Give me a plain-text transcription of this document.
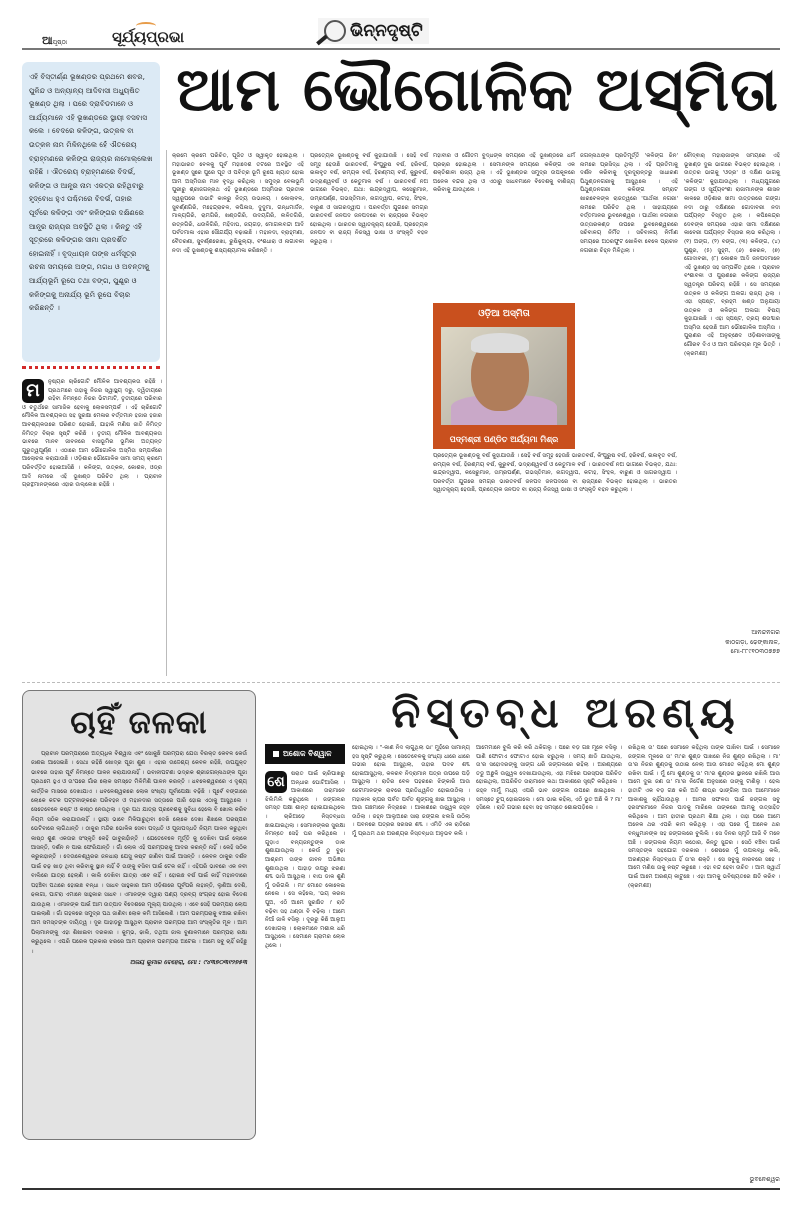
ଆପୃଷ୍ଠା	ସୂର୍ଯ୍ୟପ୍ରଭା	ଭିନ୍ନଦୃଷ୍ଟି

ଏହି ବିସ୍ତୀର୍ଣ୍ଣ ଭୂଖଣ୍ଡର ପ୍ରଥମେ ଶବର, ପୁଳିନ୍ଦ ଓ ଅନ୍ୟାନ୍ୟ ଆଦିବାସୀ ଅଧ୍ୟୁଷିତ ଭୂଖଣ୍ଡ ଥିଲା । ପରେ ଦ୍ରାବିଡମାନେ ଓ ଆର୍ଯ୍ୟମାନେ ଏହି ଭୂଖଣ୍ଡରେ ସ୍ଥାୟୀ ବସବାସ କଲେ । ବେଦରେ କଳିଙ୍ଗ, ଉତ୍କଳ ବା ଉତ୍କଳ ନାମ ମିଳିନଥିଲେ ହେଁ ଐତରେୟ ବ୍ରାହ୍ମଣରେ କଳିଙ୍ଗ ରାଜ୍ୟର ନାମୋଲ୍ଲେଖ ରହିଛି । ଐତରେୟ ବ୍ରାହ୍ମଣରେ ବିଦର୍ଭ, କଳିଙ୍ଗ ଓ ଆନ୍ଧ୍ର ନାମ ଏକତ୍ର ରହିଥିବାରୁ ହୃଦ୍‌ବୋଧ ହୁଏ ପଶ୍ଚିମରେ ବିଦର୍ଭ, ତାହାର ପୂର୍ବରେ କଳିଙ୍ଗ ଏବଂ କଳିଙ୍ଗର ଦକ୍ଷିଣରେ ଆନ୍ଧ୍ର ରାଜ୍ୟର ଅବସ୍ଥିତି ଥିଲା । କିନ୍ତୁ ଏହି ସୂତ୍ରରେ କଳିଙ୍ଗର ସୀମା ପ୍ରଦର୍ଶିତ ହୋଇନାହିଁ । ବୃଦ୍ଧାୟନ ତାଙ୍କ ଧର୍ମସୂତ୍ର ରଚନା ସମୟରେ ଅଙ୍ଗ, ମଗଧ ଓ ଅବନ୍ତୀକୁ ଆର୍ଯ୍ୟଭୂମି ରୂପେ ତଥା ବଙ୍ଗ, ପୁଣ୍ଡ୍ର ଓ କଳିଙ୍ଗକୁ ଅନାର୍ଯ୍ୟ ଭୂମି ରୂପେ ବିଚାର କରିଛନ୍ତି ।

ଆମ ଭୌଗୋଳିକ ଅସ୍ମିତା
ମ	ନୁଷ୍ୟର ଚାରିଗୋଟି ମୌଳିକ ଆବଶ୍ୟକତା ରହିଛି । ପ୍ରଥମରେ ତାହାକୁ ନିଜର ସ୍ୱାସ୍ଥ୍ୟ ଦରୁ, ଦ୍ୱିତୀୟରେ ରହିବା ନିମନ୍ତେ ନିଜର ଭିଟାମାଟି, ତୃତୀୟରେ ପରିବାର ଓ ଚତୁର୍ଥରେ ସାମାଜିକ ହେବାକୁ ଲୋକସମ୍ପର୍କ । ଏହି ଚାରିଗୋଟି ମୌଳିକ ଆବଶ୍ୟକତା ସହ ସୁରକ୍ଷା ମେଳାର ବର୍ତ୍ତମାନ ହଜାର ହଜାର ଆବଶ୍ୟକତାରେ ପରିଣତ ହୋଇଛି, ଯାହାକି ମଣିଷ ଜାତି ନିମିତ୍ତ ନିମିତ୍ତ ବିଚାର ସୃଷ୍ଟି କରିଛି । ତୃତୀୟ ମୌଳିକ ଆବଶ୍ୟକତା ଭାବରେ ମାନବ ଜୀବନରେ ବାସଭୂମିର ଭୂମିକା ଅତ୍ୟନ୍ତ ଗୁରୁତ୍ୱପୂର୍ଣ୍ଣ । ଏଠାରେ ଆମ ଭୌଗୋଳିକ ଅସ୍ମିତା ସମ୍ପର୍କରେ ଆଲୋଚନା କରାଯାଉଛି । ଓଡ଼ିଶାର ଭୌଗୋଳିକ ସୀମା ସମୟ କ୍ରମେ ପରିବର୍ତ୍ତିତ ହୋଇଆସିଛି । କଳିଙ୍ଗ, ଉତ୍କଳ, କୋଶଳ, ଓଡ୍ର ଆଦି ନାମରେ ଏହି ଭୂଖଣ୍ଡ ପରିଚିତ ଥିଲା । ପ୍ରାଚୀନ ଗ୍ରନ୍ଥମାନଙ୍କରେ ଏହାର ଉଲ୍ଲେଖ ରହିଛି ।
କ୍ରମେ କ୍ରମେ ପରିଚିତ, ପୂଜିତ ଓ ସ୍ୱୀକୃତ ହୋଇଥିଲା । ମହାଭାରତ ବେଳକୁ ପୂର୍ବ ମହାଦେଶ ତଟରେ ଅବସ୍ଥିତ ଏହି ଭୂଖଣ୍ଡ ସୁରେ ପୁରେ ପୂତ ଓ ପବିତ୍ର ଭୂମି ରୂପେ ଖ୍ୟାତ ହୋଇ ଆମ ଅସ୍ମିତାର ମାନ ବୃଦ୍ଧି କରିଥିଲା । ସମୁଦ୍ର ବେଳାଭୂମି ପୁରୀରୁ ଶ୍ରୀଜଗନ୍ନାଥ ଏହି ଭୂଖଣ୍ଡରେ ଅସ୍ମିତାର ପ୍ରତୀକ ସ୍ୱରୂପରେ ଉଭାଟି କାଳରୁ ନିତ୍ୟ ଉଭାଳୟ । କୋଲାବଳ, ସୁବର୍ଣ୍ଣଗିରି, ମହେନ୍ଦ୍ରାଚଳ, କପିଳାସ, ଦୁଦୁମା, ଗନ୍ଧମାର୍ଦ୍ଦନ, ମାଳ୍ୟଗିରି, ରାମଗିରି, ଖଣ୍ଡଗିରି, ଉଦୟଗିରି, ଲଳିତଗିରି, ରତ୍ନଗିରି, ଧଉଳିଗିରି, ମହିଦାଘ, ଜୟଗଡ଼, ମୋଗଲବନ୍ଦୀ ଆଦି ପର୍ବତମାଳା ଏହାର ସୌନ୍ଦର୍ଯ୍ୟ ବଢ଼ାଇଛି । ମହାନଦୀ, ବ୍ରାହ୍ମଣୀ, ବୈତରଣୀ, ସୁବର୍ଣ୍ଣରେଖା, ରୁଷିକୁଲ୍ୟା, ବଂଶଧାରା ଓ ନାଗାବଳୀ ନଦୀ ଏହି ଭୂଖଣ୍ଡକୁ ଶସ୍ୟଶ୍ୟାମଳା କରିଛନ୍ତି ।
ପ୍ରତ୍ୟେକ ଭୂଖଣ୍ଡକୁ ବର୍ଷ କୁହାଯାଉଛି । ସେହି ବର୍ଷ ସମୂହ ହେଉଛି ଭାରତବର୍ଷ, କିଂପୁରୁଷ ବର୍ଷ, ହରିବର୍ଷ, ଇଳାବୃତ ବର୍ଷ, ରମ୍ୟକ ବର୍ଷ, ହିରଣ୍ମୟ ବର୍ଷ, କୁରୁବର୍ଷ, ଭଦ୍ରାଶ୍ୱବର୍ଷ ଓ କେତୁମାଳ ବର୍ଷ । ଭାରତବର୍ଷ ନଅ ଭାଗରେ ବିଭକ୍ତ, ଯଥା: ଇନ୍ଦ୍ରଦ୍ୱୀପ, କସେରୁମାନ, ତାମ୍ରପର୍ଣ୍ଣ, ଗଭସ୍ତିମାନ, ନାଗଦ୍ୱୀପ, କଟାହ, ସିଂହଳ, ବାରୁଣ ଓ ସାଗରଦ୍ୱୀପ । ପରବର୍ତ୍ତୀ ଯୁଗରେ ସମଗ୍ର ଭାରତବର୍ଷ ଜନପଦ ଜନପଦରେ ବା ରାଜ୍ୟରେ ବିଭକ୍ତ ହୋଇଥିଲା । ଭାରତର ସ୍ୱାତନ୍ତ୍ର୍ୟ ହେଉଛି, ପ୍ରତ୍ୟେକ ଜନପଦ ବା ରାଜ୍ୟ ନିଜସ୍ୱ ଭାଷା ଓ ସଂସ୍କୃତି ବହନ କରୁଥିଲା ।
ମହାବୀର ଓ ଗୌତମ ବୁଦ୍ଧଙ୍କ ସମୟରେ ଏହି ଭୂଖଣ୍ଡରେ ଧର୍ମ ପ୍ରଚାର ହୋଇଥିଲା । ସେମାନଙ୍କ ସମୟରେ କଳିଙ୍ଗ ଏକ ଶକ୍ତିଶାଳୀ ରାଜ୍ୟ ଥିଲା । ଏହି ଭୂଖଣ୍ଡର ସମୁଦ୍ର ଉପକୂଳରେ ଅନେକ ବନ୍ଦର ଥିଲା ଓ ଏଠାରୁ ସାଧବମାନେ ବିଦେଶକୁ ବାଣିଜ୍ୟ କରିବାକୁ ଯାଉଥିଲେ ।
ଜଗନ୍ନାଥଙ୍କ ପ୍ରତିମୂର୍ତ୍ତି 'କଳିଙ୍ଗ ଜିନ' ନାମରେ ପ୍ରସିଦ୍ଧ ଥିଲା । ଏହି ପ୍ରତିମାକୁ ଦର୍ଶନ କରିବାକୁ ଦୂରଦୂରାନ୍ତରୁ ସାଧାରଣ ପିଥୁଣ୍ଡନଗରୀକୁ ଆସୁଥିଲେ । ଏହି ପିଥୁଣ୍ଡନଗରୀ କଳିଙ୍ଗ ସମ୍ରାଟ ଖାରବେଳଙ୍କ ରାଜତ୍ୱରେ 'ପାର୍ଥଲୀ ନଗରୀ' ନାମରେ ପରିଚିତ ଥିଲା । ସାହାଯ୍ୟରେ ବର୍ତ୍ତମାନର ଭୁବନେଶ୍ୱର । ପାର୍ଥଲୀ ନଗରୀର ଉତ୍ତାରକଣ୍ଡ ଉପରେ ଭୁବନେଶ୍ୱରରେ ସଚିବାଳୟ ନିର୍ମିତ । ସଚିବାଳୟ ନିର୍ମାଣ ସମୟରେ ଅଠରଫୁଟ ଖୋଳିବା ବେଳେ ପ୍ରାଚୀନ ନଗରୀର ଚିହ୍ନ ମିଳିଥିଲା ।
ପ୍ରତ୍ୟେକ ଭୂଖଣ୍ଡକୁ ବର୍ଷ କୁହାଯାଉଛି । ସେହି ବର୍ଷ ସମୂହ ହେଉଛି ଭାରତବର୍ଷ, କିଂପୁରୁଷ ବର୍ଷ, ହରିବର୍ଷ, ଇଳାବୃତ ବର୍ଷ, ରମ୍ୟକ ବର୍ଷ, ହିରଣ୍ମୟ ବର୍ଷ, କୁରୁବର୍ଷ, ଭଦ୍ରାଶ୍ୱବର୍ଷ ଓ କେତୁମାଳ ବର୍ଷ । ଭାରତବର୍ଷ ନଅ ଭାଗରେ ବିଭକ୍ତ, ଯଥା: ଇନ୍ଦ୍ରଦ୍ୱୀପ, କସେରୁମାନ, ତାମ୍ରପର୍ଣ୍ଣ, ଗଭସ୍ତିମାନ, ନାଗଦ୍ୱୀପ, କଟାହ, ସିଂହଳ, ବାରୁଣ ଓ ସାଗରଦ୍ୱୀପ । ପରବର୍ତ୍ତୀ ଯୁଗରେ ସମଗ୍ର ଭାରତବର୍ଷ ଜନପଦ ଜନପଦରେ ବା ରାଜ୍ୟରେ ବିଭକ୍ତ ହୋଇଥିଲା । ଭାରତର ସ୍ୱାତନ୍ତ୍ର୍ୟ ହେଉଛି, ପ୍ରତ୍ୟେକ ଜନପଦ ବା ରାଜ୍ୟ ନିଜସ୍ୱ ଭାଷା ଓ ସଂସ୍କୃତି ବହନ କରୁଥିଲା ।
ଚୌଦ୍ଵାର୍ ମହାରାଜାଙ୍କ ସମୟରେ ଏହି ଭୂଖଣ୍ଡ ଦୁଇ ଭାଗରେ ବିଭକ୍ତ ହୋଇଥିଲା । ଉତ୍ତର ଭାଗକୁ 'ଓଡ୍ର' ଓ ଦକ୍ଷିଣ ଭାଗକୁ 'କଳିଙ୍ଗ' କୁହାଯାଉଥିଲା । ମଧ୍ୟଯୁଗରେ ଗଙ୍ଗ ଓ ସୂର୍ଯ୍ୟବଂଶୀ ରାଜାମାନଙ୍କ ଶାସନ କାଳରେ ଓଡ଼ିଶାର ସୀମା ଉତ୍ତରରେ ଗଙ୍ଗା ନଦୀ ଠାରୁ ଦକ୍ଷିଣରେ ଗୋଦାବରୀ ନଦୀ ପର୍ଯ୍ୟନ୍ତ ବିସ୍ତୃତ ଥିଲା । କପିଳେନ୍ଦ୍ର ଦେବଙ୍କ ସମୟରେ ଏହାର ସୀମା ଦକ୍ଷିଣରେ କାବେରୀ ପର୍ଯ୍ୟନ୍ତ ବିସ୍ତାର ଲାଭ କରିଥିଲା । (୧) ଅଙ୍ଗ, (୨) ବଙ୍ଗ, (୩) କଳିଙ୍ଗ, (୪) ପୁଣ୍ଡ୍ର, (୫) ସୁହ୍ମ, (୬) କେରଳ, (୭) ଗୋଦାବରୀ, (୮) କୋଶଳ ଆଦି ଜନପଦମାନେ ଏହି ଭୂଖଣ୍ଡ ସହ ସମ୍ପର୍କିତ ଥିଲେ । ପ୍ରାଚୀନ ବଂଶାବଳୀ ଓ ପୁରାଣରେ କଳିଙ୍ଗ ରାଜ୍ୟର ସ୍ୱତନ୍ତ୍ର ପରିଚୟ ରହିଛି । ସେ ସମୟରେ ଉତ୍କଳ ଓ କଳିଙ୍ଗ ଅଲଗା ରାଜ୍ୟ ଥିଲା । ଏହା ସ୍ପଷ୍ଟ, ବ୍ରହ୍ମ ଖଣ୍ଡ ଅନୁଯାୟୀ ଉତ୍କଳ ଓ କଳିଙ୍ଗ ଅଲଗା ବିଷୟ କୁହାଯାଇଛି । ଏହା ସ୍ପଷ୍ଟ, ତ୍ରୟ ଶତାବ୍ଦୀର ଅସ୍ମିତା ହେଉଛି ଆମ ଭୌଗୋଳିକ ଅସ୍ମିତା । ପୁରାଣର ଏହି ଅନୁଚ୍ଛେଦ ଓଡ଼ିଶାବାସୀଙ୍କୁ ଗୌରବ ଦିଏ ଓ ଆମ ପରିଚୟର ମୂଳ ଭିତ୍ତି । (କ୍ରମଶଃ)
ଓଡ଼ିଆ ଅସ୍ମିତା
ପଦ୍ମଶ୍ରୀ ପଣ୍ଡିତ ଅର୍ଯ୍ୟମା ମିଶ୍ର
ଆନନ୍ଦନଗର
କାଠଗଡ଼ା, ଢେଙ୍କାନାଳ,
ମୋ-୮୮୯୧୦୩୦୭୭୭
ଚାହିଁ ଜଳକା

ପ୍ରାଚୀନ ପରମ୍ପରାରେ ଅତ୍ୟଧିକ ବିଶ୍ୱାସ ଏବଂ ସୋକୁଛି ପରମ୍ପରା ଯେତା ବିରକ୍ତ କେବଳ କେଉଁ ଜାଣଇ ଆସେଇଛି । ସେଥା ରହିଛି ଖୋଦ୍ର ପୂଜା ଶୁଣ । ଏହାର ଉଦ୍ଦେଶ୍ୟ କେବଳ ରହିଛି, ଉପଯୁକ୍ତ ଭାବରେ ତାହାର ପୂର୍ବ ନିମନ୍ତେ ପାଳନ କରାଯାଉନାହିଁ । ଭବାନୀପଟଣା ଭଦ୍ରକ ଶ୍ରୀଜଗନ୍ନାଥଙ୍କ ପୂଜା ପ୍ରଥମେ ହୁଏ ଓ ତା'ପରେ ଗାଁର ଲୋକ ସମସ୍ତେ ମିଳିମିଶି ପାଳନ କରନ୍ତି । ଧବଳେଶ୍ୱରରେ ଏ ଦୃଶ୍ୟ କାର୍ତ୍ତିକ ମାସରେ ଦେଖାଯାଏ । ଧବଳେଶ୍ୱରରେ ଲୋକ ସଂଖ୍ୟା ପୂର୍ବାପେକ୍ଷା ବଢ଼ିଛି । ପୂର୍ବେ ବଙ୍ଗାରେ ଲୋକେ କଟକ ପଟ୍ଟନୀଙ୍କରେ ପରିବହନ ଓ ମହାନଦୀର ସତ୍ତାରେ ପାରି ହୋଇ ଏଠାକୁ ଆସୁଥିଲେ । ସେତେବେଳେ କଷ୍ଟ ଓ କାଷ୍ଠ ନେଉଥିଲା । ଦୂର ପଥ ଯାତ୍ରା ପ୍ରବେଶକୁ ସୁବିଧା ହେଲେ ବି ଖୋଲ କରିବ ନିୟମ ସଠିକ କରାଯାଉନାହିଁ । ସ୍ଥାୟୀ ଭାବେ ମିଳିପାରୁଥିବା ଦେଖି ଲୋକେ ଦେଖା ଶିଖଲେ ପରଷ୍ପର ଭେଟିବାରେ ଲାଗିଥାନ୍ତି । ଠାକୁର ମନ୍ଦିର ଭୋଳିକ ସେବା ପଦ୍ଧତି ଓ ପୂଜାପଦ୍ଧତି ନିୟମ ପାଳନ କରୁଥିବା କାଷ୍ଠ ଶୁଣ ଏକତାର ସଂସ୍କୃତି କେହି ଭାବୁନାହାଁନ୍ତି । ଯେତେବେଳେ ମୂର୍ତ୍ତି କୁ ଦେଖିବା ପାଇଁ ଲୋକେ ଆସନ୍ତି, ଦର୍ଶନ ନ ପାଇ ଫେରିଯାନ୍ତି । ଗାଁ ଲୋକ ଏହି ପରମ୍ପରାକୁ ଆଦର କରନ୍ତି ନାହିଁ । କେହି ସଠିକ କରୁନାହାନ୍ତି । ଦେଉଳେଶ୍ୱରର ଜଳଧାରା ଯେସୁ କଷ୍ଟ ଜାଣିବା ପାଇଁ ଆସନ୍ତି । କେବଳ ଠାକୁର ଦର୍ଶନ ପାଇଁ ଚଢ଼ ଖାଡ଼ ଥିବା କରିବାକୁ ସ୍ଥାନ ନାହିଁ ବି ତାଙ୍କୁ ବସିବା ପାଇଁ ଟେକ ନାହିଁ । ଏହିପରି ଭାବରେ ଏକ ନବୀ ବାଲିରେ ଯାତ୍ରା ହେଲାଣି । କାଲି ଦେଖିବା ଯାତ୍ରା ଏବେ ନାହିଁ । ହୋଇଛ ବର୍ଷ ପାଇଁ କାହିଁ ମହାନଦୀରେ ପହଞ୍ଚିବା ପଥରେ ହୋଇଛ ବନ୍ଧା । ସାଧବ ସାହୁକାର ଆମ ଓଡ଼ିଶାରେ ପୂର୍ବପରି ନାହାନ୍ତି, ଲୁଣିଆ ଦେଶି, ଢଳାଗୀ, ପାଟରା ଏମାନେ ସାହୁକାର ସାଧବ । ଏମାନଙ୍କ ଦ୍ୱାରା ପଣ୍ୟ ଦ୍ରବ୍ୟ ସଂଗ୍ରହ ହୋଇ ବିଦେଶ ଯାଉଥିଲା । ଏମାନଙ୍କ ପାଇଁ ଆମ ଉତ୍ପାଦ ବିଦେଶରେ ମୂଲ୍ୟ ପାଉଥିଲା । ଏବେ ସେହି ପରମ୍ପରା ଲୋପ ପାଇଲାଣି । ଗାଁ ଗହଳରେ ସମୁଦ୍ର ପଥ ଜାଣିବା ଲୋକ କମି ଆସିଲେଣି । ଆମ ପରମ୍ପରାକୁ ବଞ୍ଚାଇ ରଖିବା ଆମ ସମସ୍ତଙ୍କ ଦାୟିତ୍ୱ । ଦୂର ପାହାଡ଼ରୁ ଆସୁଥିବା ପ୍ରାଚୀନ ପରମ୍ପରା ଆମ ସଂସ୍କୃତିର ମୂଳ । ଆମ ପିଲାମାନଙ୍କୁ ଏହା ଶିଖାଇବା ଦରକାର । କୁମ୍ଭ, ଢାଲି, ତଥିଆ ଜାଲ ବୁଣାଳମାନେ ପରମ୍ପରା ରକ୍ଷା କରୁଥିଲେ । ଏପରି ପରେକ ପ୍ରକାର ଝରରେ ଆମ ପ୍ରାଚୀନ ପରମ୍ପରା ଅଟେଇ । ଆମେ ସବୁ ଚାହିଁ ରହିଛୁ ।

ଅଜୟ କୁମାର ବେହେରା, ମୋ : ୯୪୩୭୦୩୧୨୭୫୩
ନିସ୍ତବ୍ଧ ଅରଣ୍ୟ
ଅଶୋକ ବିଶ୍ୱାଳ
ଶେ	ଷରାତ ପାଇଁ ଚାରିପାଖରୁ ଅନ୍ଧାର ଘୋଟିଆସିଲା । ଆକାଶରେ ତାରାମାନେ ଝିଲିମିଲି କରୁଥିଲେ । ଜଙ୍ଗଲର ସମସ୍ତ ପକ୍ଷୀ ଶାନ୍ତ ହୋଇଯାଇଥିଲେ । ଚାରିଆଡ଼େ ନିସ୍ତବ୍ଧତା ଛାଇଯାଇଥିଲା । ସେମାନଙ୍କର ସୁରକ୍ଷା ନିମନ୍ତେ ସେହି ଘର କରିଥିଲେ । ଗୁଡ଼ାଏ ବନ୍ୟଜନ୍ତୁଙ୍କ ଡାକ ଶୁଣାଯାଉଥିଲା । କେଉଁ ଠୁ ବୁଢ଼ା ଆଶ୍ରମ ତାଙ୍କ ଜୀବନ ଅଭିଜ୍ଞତା ଶୁଣାଉଥିଲା । ପାହାଡ଼ ଉପରୁ ଝରଣା ଶବ୍ଦ ଭାସି ଆସୁଥିଲା । ବାଘ ଡାକ ଶୁଣି ମୁଁ ଡରିଗଲି । ମା' ମୋତେ କୋଳେଇ ନେଲେ । ସେ କହିଲେ, 'ଭୟ କରନା ପୁଅ, ଏଠି ଆମେ ସୁରକ୍ଷିତ ।' ରାତି ବଢ଼ିବା ସହ ଥଣ୍ଡା ବି ବଢ଼ିଲା । ଆମେ ନିଆଁ ଜାଳି ବସିଲୁ । ଦୂରରୁ କିଛି ଆଲୁଅ ଦେଖାଗଲା । ଲୋକମାନେ ମଶାଲ ଧରି ଆସୁଥିଲେ । ସେମାନେ ଗ୍ରାମର ଲୋକ ଥିଲେ ।
ହୋଇଥିଲା । "-କାଣ ନିଦ ଲାଗୁଥିଲା ଭା' ମୁହଁରେ ସାମାନ୍ୟ ହସ ସୃଷ୍ଟି କରୁଥିଲା । ସେତେବେଳକୁ ସଂଧ୍ୟା ଧୀରେ ଧୀରେ ଗଭୀର ହୋଇ ଆସୁଥିଲା, ତାହାର ପଦଚ ଶବ୍ଦ ହୋଇଆସୁଥିଲା, କଳରବ ନିଦ୍ରାମାନ ପତ୍ର ଉପରେ ପଡ଼ି ଆସୁଥିଲା । ରାତିର ବେଳ ପହରରେ ଝିଙ୍କାରି ଆଉ ଜେଟୀମାନଙ୍କ ରାବରେ ପ୍ରତିଧ୍ୱନିତ ହୋଇଉଠିଲା । ମହାକାଳ ଚାପର ପର୍ବତ ପର୍ବତ ଶୃଙ୍ଗକୁ ଛାଇ ଆସୁଥିଲା । ଆଉ ଗଛମାନେ ନିଦ୍ରାରେ । ଆକାଶରେ ଉଜ୍ଜ୍ୱଳ ଜହ୍ନ ଉଠିଲା । ଜହ୍ନ ଆଲୁଅରେ ସାରା ଜଙ୍ଗଲ ଝଲସି ଉଠିଲା । ପବନରେ ପତ୍ରର ସରସର ଶବ୍ଦ । ଏମିତି ଏକ ରାତିରେ ମୁଁ ପ୍ରଥମ ଥର ଅରଣ୍ୟର ନିସ୍ତବ୍ଧତା ଅନୁଭବ କଲି ।
ଆମେମାନେ ବୁଲି କରି କରି ଥକିଗଲୁ । ପରେ ବଡ଼ ଗଛ ମୂଳେ ବସିଲୁ । ପାଣି ଫୋଟାଏ ଫୋଟାଏ ହୋଇ ଝରୁଥିଲା । ସମୟ ଛାଡି ଯାଉଥିଲା, ତା'ର ସହୋଦରଙ୍କୁ ସାଙ୍ଗ ଧରି ଜଙ୍ଗଲରେ ରହିଲା । ଅରଣ୍ୟରେ ତଡୁ ଅଛୁଳି ଉଜ୍ଜ୍ୱଳ ଦେଖାଯାଉଥିଲା, ଏହା ମଝିରେ ପରସ୍ପର ପରିଚିତ ହୋଇଥିଲା, ଅପରିଚିତ ତାରାମାନେ କଥା ଆକାଶରେ ସୃଷ୍ଟି କରିଥିଲେ । ଜହ୍ନ ମାମୁଁ ମଧ୍ୟ ଏପରି ଭାବ ଜଙ୍ଗଲ ଉପରେ ଛାଇଥିଲେ । ସମସ୍ତେ ଚୁପ୍ ହୋଇଗଲେ । ମୋ ଭାଇ କହିଲା, ଏଠି ଭୂତ ଅଛି କି ? ମା' ହସିଲେ । ରାତି ଗଭୀର ହେବା ସହ ସମସ୍ତେ ଶୋଇପଡ଼ିଲେ ।
ରଖିଥିଲା ତା' ପରେ ସେମାନେ କହିଥିଲା ତାଙ୍କ ପାଖିବା ପାଇଁ । ସେମାନେ ଜଙ୍ଗଲ ମୂଳରେ ତା' ମା'ର ଶୁଣ୍ଡ ପାଖରେ ନିଜ ଶୁଣ୍ଡ ରଖିଥିଲା । ମା' ତା'ର ନିଜର ଶୁଣ୍ଡକୁ ଉଠାଇ ନେଲା ଆଉ ମୋତେ କହିଥିଲା ମୋ ଶୁଣ୍ଡ ରଖିବା ପାଇଁ । ମୁଁ ମୋ ଶୁଣ୍ଡକୁ ତା' ମା'ର ଶୁଣ୍ଡର ସ୍ଥାନରେ ରଖିଲି ଆଉ ଆମେ ଦୁଇ ଜଣ ତା' ମା'ର ନିର୍ଦ୍ଦେଶ ଅନୁସାରେ ତାଙ୍କୁ ଟାଣିଲୁ । ହେଲ ହାତୀଟି ଏକ ବଡ଼ ଗଛ କରି ଅତି ଶୀଘ୍ର ଭାଙ୍ଗିଲା ଆଉ ଆମେମାନେ ଆକାଶକୁ ଚାହିଁଯାଉଥିଲୁ । ଆମର ସଫଳତା ପାଇଁ ଜଙ୍ଗଲ ସବୁ ହରସଂରମାନେ ନିଜର ପାଦକୁ ମାରିଲେ ତାଙ୍କରେ ଆମକୁ ଉତ୍ସାହିତ କରିଥିଲେ । ଆମ ହାତୀର ପ୍ରଥମ ଶିକ୍ଷା ଥିଲା । ତାହା ପରେ ଆମେ ଅନେକ ଥର ଏପରି କାମ କରିଥିଲୁ । ଏହା ପରେ ମୁଁ ଅନେକ ଥର ବନ୍ଧୁମାନଙ୍କ ସହ ଜଙ୍ଗଲରେ ବୁଲିଲି । ସେ ଦିନର ସ୍ମୃତି ଆଜି ବି ମନେ ଅଛି । ଜଙ୍ଗଲର ନିୟମ କଠୋର, କିନ୍ତୁ ସୁନ୍ଦର । ସେଠି ବଞ୍ଚିବା ପାଇଁ ସମସ୍ତଙ୍କ ସହଯୋଗ ଦରକାର । ଶେଷରେ ମୁଁ ଉପଲବ୍ଧି କଲି, ଅରଣ୍ୟର ନିସ୍ତବ୍ଧତା ହିଁ ତା'ର ଶକ୍ତି । ସେ ସବୁକୁ ନୀରବରେ ସହେ । ଆମେ ମଣିଷ ତାକୁ ନଷ୍ଟ କରୁଛେ । ଏହା ବନ୍ଦ ହେବା ଉଚିତ । ଆମ ସ୍ୱାର୍ଥ ପାଇଁ ଆମେ ଅରଣ୍ୟ କାଟୁଛେ । ଏହା ଆମକୁ ଭବିଷ୍ୟତରେ କ୍ଷତି କରିବ ।(କ୍ରମଶଃ)
ଭୁବନେଶ୍ୱର
